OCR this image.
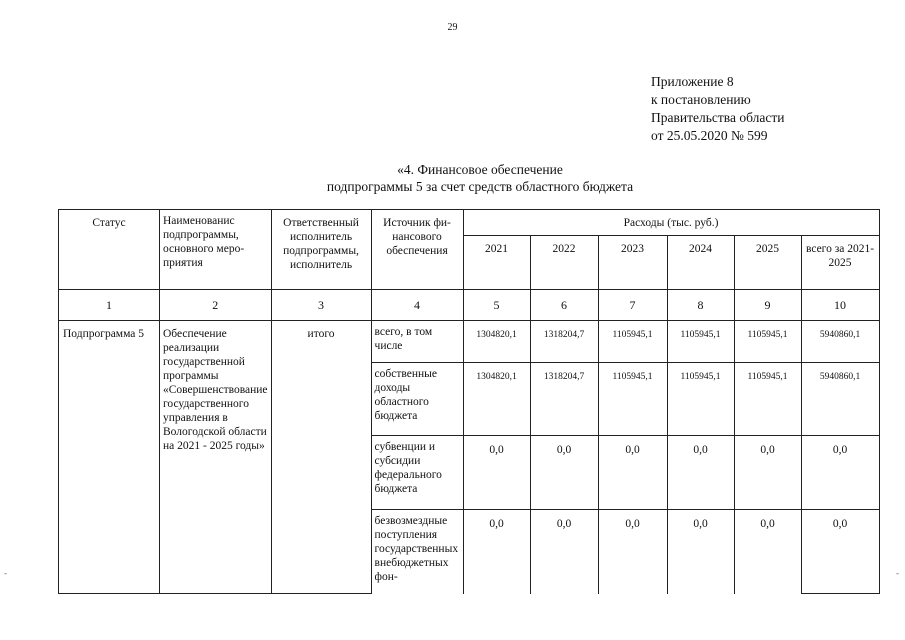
29
Приложение 8
к постановлению
Правительства области
от 25.05.2020 № 599
«4. Финансовое обеспечение
подпрограммы 5 за счет средств областного бюджета
Статус	Наименованис подпрограммы, основного меро-приятия	Ответственный исполнитель подпрограммы, исполнитель	Источник фи-нансового обеспечения	Расходы (тыс. руб.)					
				2021	2022	2023	2024	2025	всего за 2021-2025
1	2	3	4	5	6	7	8	9	10
Подпрограмма 5	Обеспечение реализации государственной программы «Совершенствование государственного управления в Вологодской области на 2021 - 2025 годы»	итого	всего, в том числе	1304820,1	1318204,7	1105945,1	1105945,1	1105945,1	5940860,1
			собственные доходы областного бюджета	1304820,1	1318204,7	1105945,1	1105945,1	1105945,1	5940860,1
			субвенции и субсидии федерального бюджета	0,0	0,0	0,0	0,0	0,0	0,0
			безвозмездные поступления государственных внебюджетных фон-	0,0	0,0	0,0	0,0	0,0	0,0
-	-
